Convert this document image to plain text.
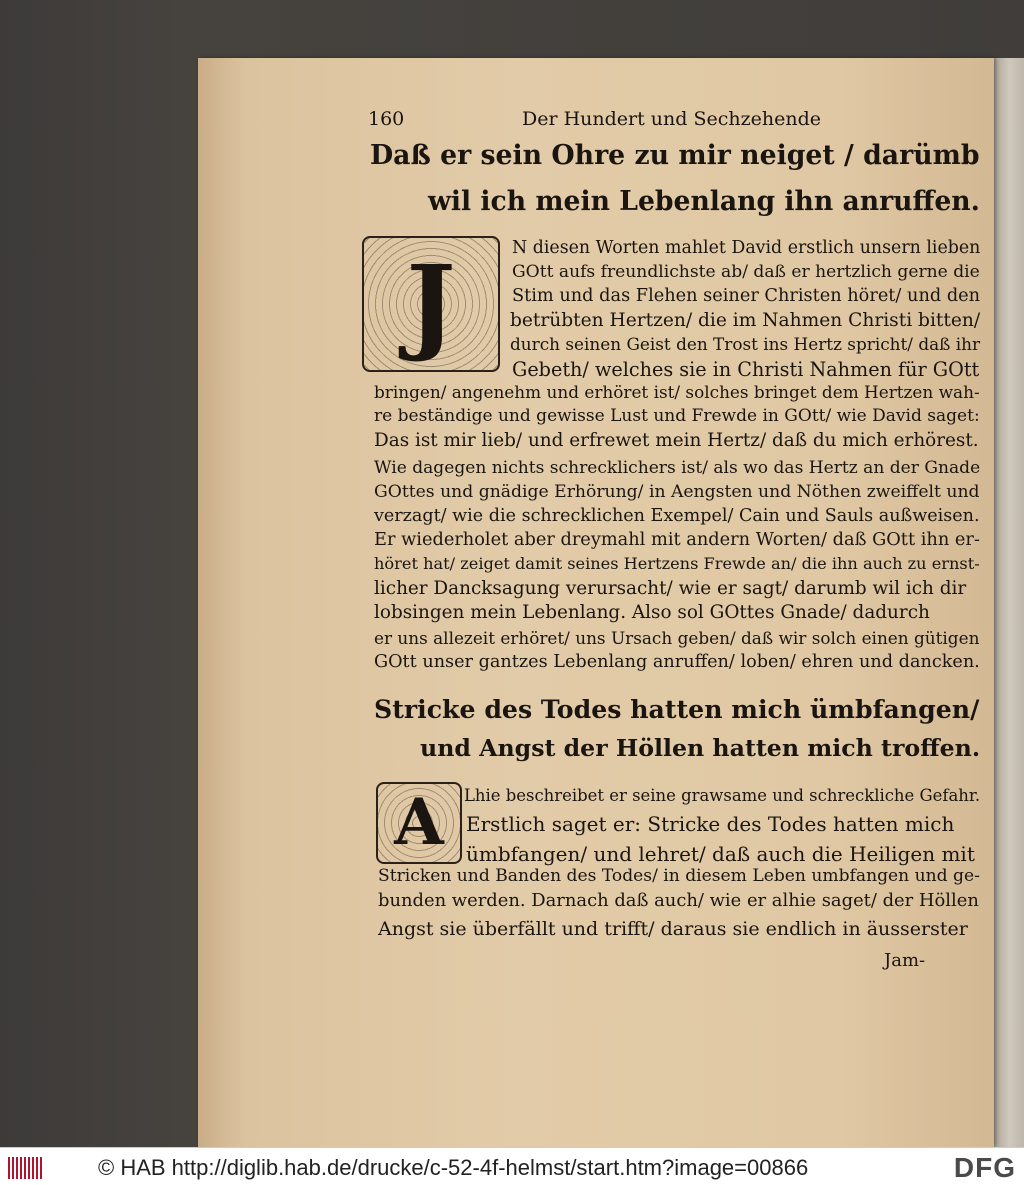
160	Der Hundert und Sechzehende
Daß er sein Ohre zu mir neiget / darümb
wil ich mein Lebenlang ihn anruffen.
J	N diesen Worten mahlet David erstlich unsern lieben
GOtt aufs freundlichste ab/ daß er hertzlich gerne die
Stim und das Flehen seiner Christen höret/ und den
betrübten Hertzen/ die im Nahmen Christi bitten/
durch seinen Geist den Trost ins Hertz spricht/ daß ihr
Gebeth/ welches sie in Christi Nahmen für GOtt
bringen/ angenehm und erhöret ist/ solches bringet dem Hertzen wah-
re beständige und gewisse Lust und Frewde in GOtt/ wie David saget:
Das ist mir lieb/ und erfrewet mein Hertz/ daß du mich erhörest.
Wie dagegen nichts schrecklichers ist/ als wo das Hertz an der Gnade
GOttes und gnädige Erhörung/ in Aengsten und Nöthen zweiffelt und
verzagt/ wie die schrecklichen Exempel/ Cain und Sauls außweisen.
Er wiederholet aber dreymahl mit andern Worten/ daß GOtt ihn er-
höret hat/ zeiget damit seines Hertzens Frewde an/ die ihn auch zu ernst-
licher Dancksagung verursacht/ wie er sagt/ darumb wil ich dir
lobsingen mein Lebenlang. Also sol GOttes Gnade/ dadurch
er uns allezeit erhöret/ uns Ursach geben/ daß wir solch einen gütigen
GOtt unser gantzes Lebenlang anruffen/ loben/ ehren und dancken.
Stricke des Todes hatten mich ümbfangen/
und Angst der Höllen hatten mich troffen.
A	Lhie beschreibet er seine grawsame und schreckliche Gefahr.
Erstlich saget er: Stricke des Todes hatten mich
ümbfangen/ und lehret/ daß auch die Heiligen mit
Stricken und Banden des Todes/ in diesem Leben umbfangen und ge-
bunden werden. Darnach daß auch/ wie er alhie saget/ der Höllen
Angst sie überfällt und trifft/ daraus sie endlich in äusserster
Jam-
© HAB http://diglib.hab.de/drucke/c-52-4f-helmst/start.htm?image=00866	DFG
